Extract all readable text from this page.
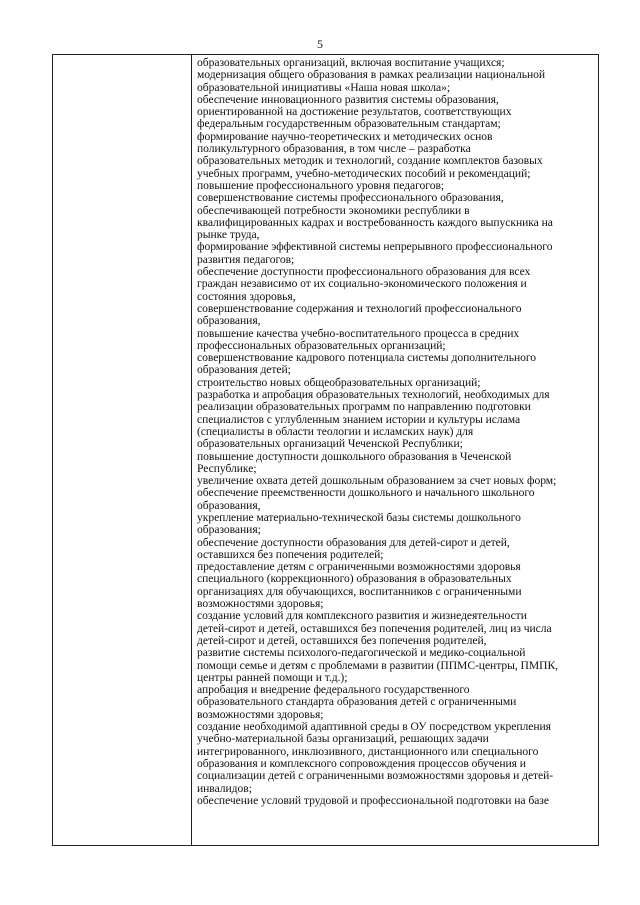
5
образовательных организаций, включая воспитание учащихся;
модернизация общего образования в рамках реализации национальной
образовательной инициативы «Наша новая школа»;
обеспечение инновационного развития системы образования,
ориентированной на достижение результатов, соответствующих
федеральным государственным образовательным стандартам;
формирование научно-теоретических и методических основ
поликультурного образования, в том числе – разработка
образовательных методик и технологий, создание комплектов базовых
учебных программ, учебно-методических пособий и рекомендаций;
повышение профессионального уровня педагогов;
совершенствование системы профессионального образования,
обеспечивающей потребности экономики республики в
квалифицированных кадрах и востребованность каждого выпускника на
рынке труда,
формирование эффективной системы непрерывного профессионального
развития педагогов;
обеспечение доступности профессионального образования для всех
граждан независимо от их социально-экономического положения и
состояния здоровья,
совершенствование содержания и технологий профессионального
образования,
повышение качества учебно-воспитательного процесса в средних
профессиональных образовательных организаций;
совершенствование кадрового потенциала системы дополнительного
образования детей;
строительство новых общеобразовательных организаций;
разработка и апробация образовательных технологий, необходимых для
реализации образовательных программ по направлению подготовки
специалистов с углубленным знанием истории и культуры ислама
(специалисты в области теологии и исламских наук) для
образовательных организаций Чеченской Республики;
повышение доступности дошкольного образования в Чеченской
Республике;
увеличение охвата детей дошкольным образованием за счет новых форм;
обеспечение преемственности дошкольного и начального школьного
образования,
укрепление материально-технической базы системы дошкольного
образования;
обеспечение доступности образования для детей-сирот и детей,
оставшихся без попечения родителей;
предоставление детям с ограниченными возможностями здоровья
специального (коррекционного) образования в образовательных
организациях для обучающихся, воспитанников с ограниченными
возможностями здоровья;
создание условий для комплексного развития и жизнедеятельности
детей-сирот и детей, оставшихся без попечения родителей, лиц из числа
детей-сирот и детей, оставшихся без попечения родителей,
развитие системы психолого-педагогической и медико-социальной
помощи семье и детям с проблемами в развитии (ППМС-центры, ПМПК,
центры ранней помощи и т.д.);
апробация и внедрение федерального государственного
образовательного стандарта образования детей с ограниченными
возможностями здоровья;
создание необходимой адаптивной среды в ОУ посредством укрепления
учебно-материальной базы организаций, решающих задачи
интегрированного, инклюзивного, дистанционного или специального
образования и комплексного сопровождения процессов обучения и
социализации детей с ограниченными возможностями здоровья и детей-
инвалидов;
обеспечение условий трудовой и профессиональной подготовки на базе
